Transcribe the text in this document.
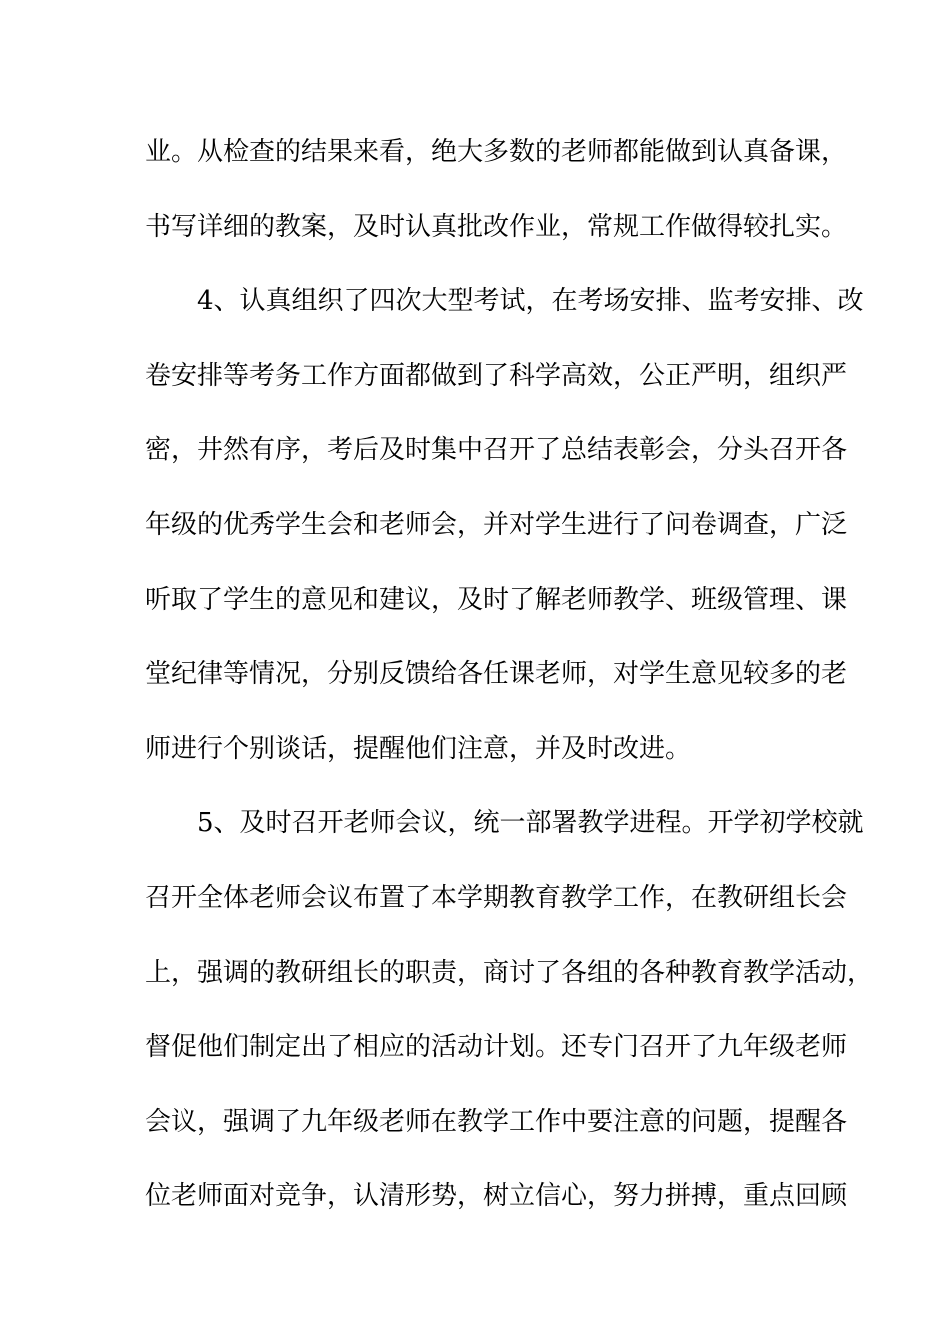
业。从检查的结果来看，绝大多数的老师都能做到认真备课，
书写详细的教案，及时认真批改作业，常规工作做得较扎实。
4、认真组织了四次大型考试，在考场安排、监考安排、改
卷安排等考务工作方面都做到了科学高效，公正严明，组织严
密，井然有序，考后及时集中召开了总结表彰会，分头召开各
年级的优秀学生会和老师会，并对学生进行了问卷调查，广泛
听取了学生的意见和建议，及时了解老师教学、班级管理、课
堂纪律等情况，分别反馈给各任课老师，对学生意见较多的老
师进行个别谈话，提醒他们注意，并及时改进。
5、及时召开老师会议，统一部署教学进程。开学初学校就
召开全体老师会议布置了本学期教育教学工作，在教研组长会
上，强调的教研组长的职责，商讨了各组的各种教育教学活动，
督促他们制定出了相应的活动计划。还专门召开了九年级老师
会议，强调了九年级老师在教学工作中要注意的问题，提醒各
位老师面对竞争，认清形势，树立信心，努力拼搏，重点回顾
